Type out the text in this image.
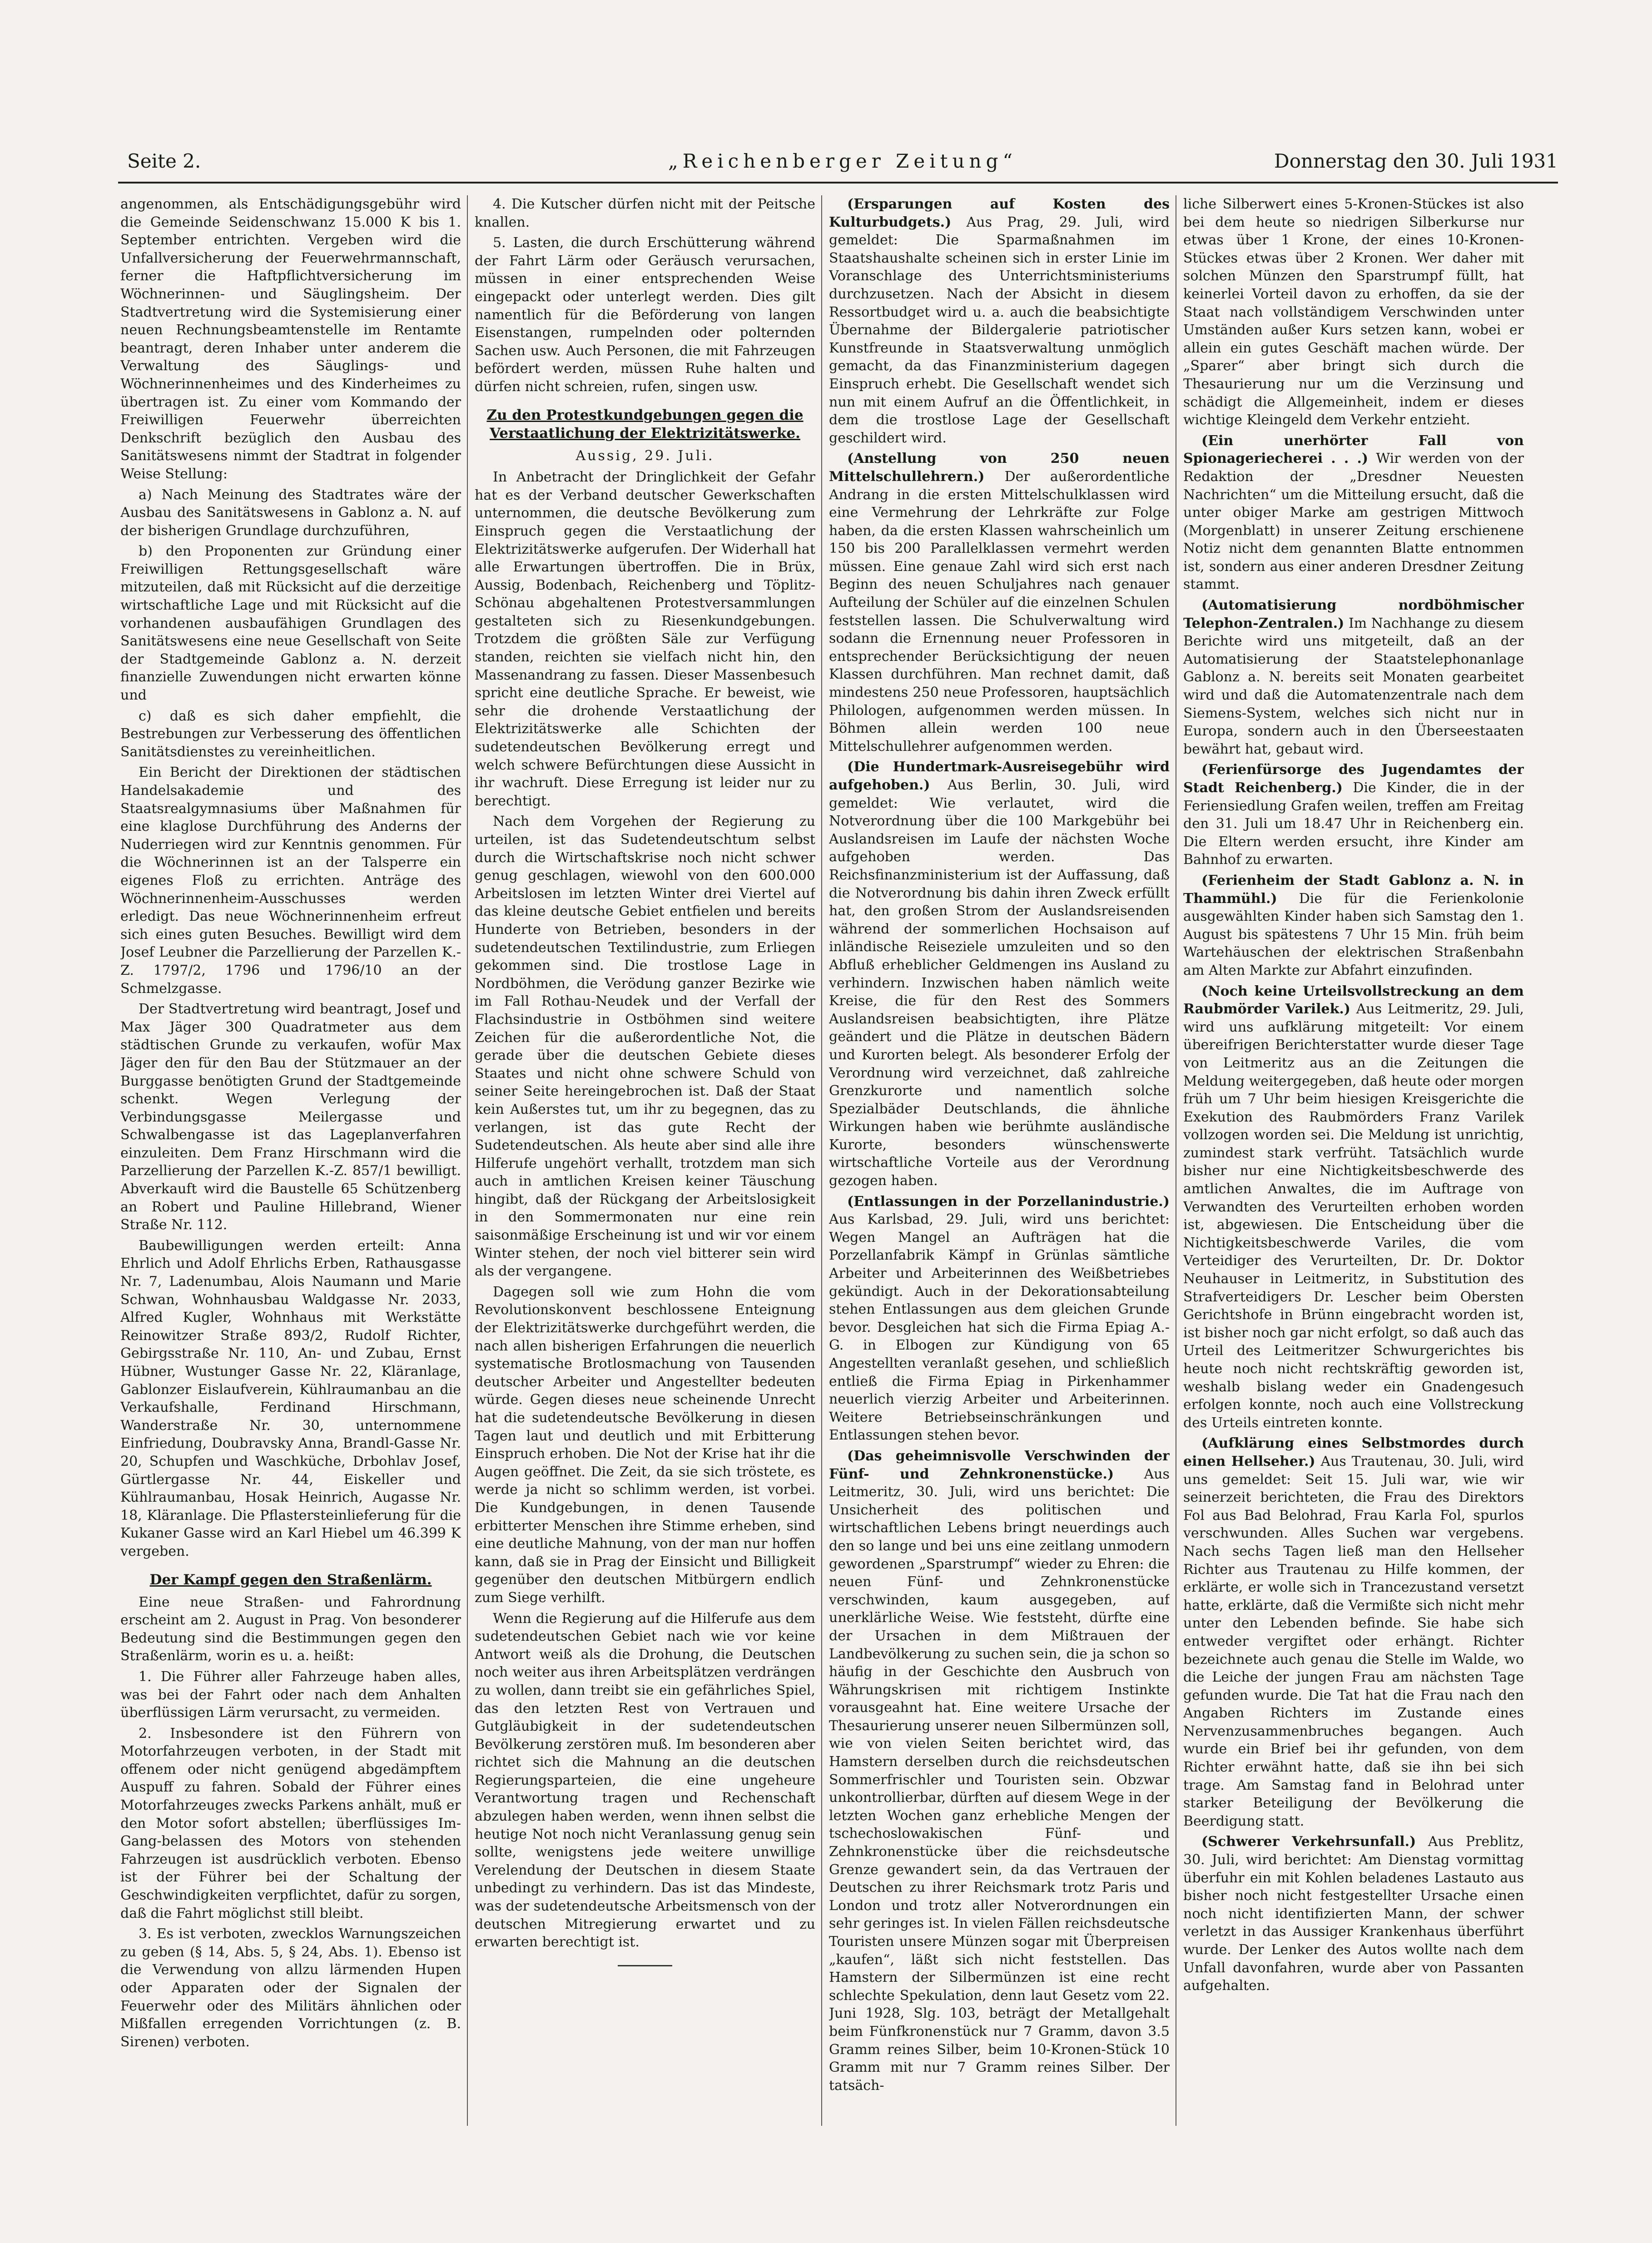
Seite 2.	„Reichenberger Zeitung“	Donnerstag den 30. Juli 1931

angenommen, als Entschädigungsgebühr wird die Gemeinde Seidenschwanz 15.000 K bis 1. September entrichten. Vergeben wird die Unfallversicherung der Feuerwehrmannschaft, ferner die Haftpflichtversicherung im Wöchnerinnen- und Säuglingsheim. Der Stadtvertretung wird die Systemisierung einer neuen Rechnungsbeamtenstelle im Rentamte beantragt, deren Inhaber unter anderem die Verwaltung des Säuglings- und Wöchnerinnenheimes und des Kinderheimes zu übertragen ist. Zu einer vom Kommando der Freiwilligen Feuerwehr überreichten Denkschrift bezüglich den Ausbau des Sanitätswesens nimmt der Stadtrat in folgender Weise Stellung:

a) Nach Meinung des Stadtrates wäre der Ausbau des Sanitätswesens in Gablonz a. N. auf der bisherigen Grundlage durchzuführen,

b) den Proponenten zur Gründung einer Freiwilligen Rettungsgesellschaft wäre mitzuteilen, daß mit Rücksicht auf die derzeitige wirtschaftliche Lage und mit Rücksicht auf die vorhandenen ausbaufähigen Grundlagen des Sanitätswesens eine neue Gesellschaft von Seite der Stadtgemeinde Gablonz a. N. derzeit finanzielle Zuwendungen nicht erwarten könne und

c) daß es sich daher empfiehlt, die Bestrebungen zur Verbesserung des öffentlichen Sanitätsdienstes zu vereinheitlichen.

Ein Bericht der Direktionen der städtischen Handelsakademie und des Staatsrealgymnasiums über Maßnahmen für eine klaglose Durchführung des Anderns der Nuderriegen wird zur Kenntnis genommen. Für die Wöchnerinnen ist an der Talsperre ein eigenes Floß zu errichten. Anträge des Wöchnerinnenheim-Ausschusses werden erledigt. Das neue Wöchnerinnenheim erfreut sich eines guten Besuches. Bewilligt wird dem Josef Leubner die Parzellierung der Parzellen K.-Z. 1797/2, 1796 und 1796/10 an der Schmelzgasse.

Der Stadtvertretung wird beantragt, Josef und Max Jäger 300 Quadratmeter aus dem städtischen Grunde zu verkaufen, wofür Max Jäger den für den Bau der Stützmauer an der Burggasse benötigten Grund der Stadtgemeinde schenkt. Wegen Verlegung der Verbindungsgasse Meilergasse und Schwalbengasse ist das Lageplanverfahren einzuleiten. Dem Franz Hirschmann wird die Parzellierung der Parzellen K.-Z. 857/1 bewilligt. Abverkauft wird die Baustelle 65 Schützenberg an Robert und Pauline Hillebrand, Wiener Straße Nr. 112.

Baubewilligungen werden erteilt: Anna Ehrlich und Adolf Ehrlichs Erben, Rathausgasse Nr. 7, Ladenumbau, Alois Naumann und Marie Schwan, Wohnhausbau Waldgasse Nr. 2033, Alfred Kugler, Wohnhaus mit Werkstätte Reinowitzer Straße 893/2, Rudolf Richter, Gebirgsstraße Nr. 110, An- und Zubau, Ernst Hübner, Wustunger Gasse Nr. 22, Kläranlage, Gablonzer Eislaufverein, Kühlraumanbau an die Verkaufshalle, Ferdinand Hirschmann, Wanderstraße Nr. 30, unternommene Einfriedung, Doubravsky Anna, Brandl-Gasse Nr. 20, Schupfen und Waschküche, Drbohlav Josef, Gürtlergasse Nr. 44, Eiskeller und Kühlraumanbau, Hosak Heinrich, Augasse Nr. 18, Kläranlage. Die Pflastersteinlieferung für die Kukaner Gasse wird an Karl Hiebel um 46.399 K vergeben.

Der Kampf gegen den Straßenlärm.

Eine neue Straßen- und Fahrordnung erscheint am 2. August in Prag. Von besonderer Bedeutung sind die Bestimmungen gegen den Straßenlärm, worin es u. a. heißt:

1. Die Führer aller Fahrzeuge haben alles, was bei der Fahrt oder nach dem Anhalten überflüssigen Lärm verursacht, zu vermeiden.

2. Insbesondere ist den Führern von Motorfahrzeugen verboten, in der Stadt mit offenem oder nicht genügend abgedämpftem Auspuff zu fahren. Sobald der Führer eines Motorfahrzeuges zwecks Parkens anhält, muß er den Motor sofort abstellen; überflüssiges Im-Gang-belassen des Motors von stehenden Fahrzeugen ist ausdrücklich verboten. Ebenso ist der Führer bei der Schaltung der Geschwindigkeiten verpflichtet, dafür zu sorgen, daß die Fahrt möglichst still bleibt.

3. Es ist verboten, zwecklos Warnungszeichen zu geben (§ 14, Abs. 5, § 24, Abs. 1). Ebenso ist die Verwendung von allzu lärmenden Hupen oder Apparaten oder der Signalen der Feuerwehr oder des Militärs ähnlichen oder Mißfallen erregenden Vorrichtungen (z. B. Sirenen) verboten.

4. Die Kutscher dürfen nicht mit der Peitsche knallen.

5. Lasten, die durch Erschütterung während der Fahrt Lärm oder Geräusch verursachen, müssen in einer entsprechenden Weise eingepackt oder unterlegt werden. Dies gilt namentlich für die Beförderung von langen Eisenstangen, rumpelnden oder polternden Sachen usw. Auch Personen, die mit Fahrzeugen befördert werden, müssen Ruhe halten und dürfen nicht schreien, rufen, singen usw.

Zu den Protestkundgebungen gegen die Verstaatlichung der Elektrizitätswerke.
Aussig, 29. Juli.

In Anbetracht der Dringlichkeit der Gefahr hat es der Verband deutscher Gewerkschaften unternommen, die deutsche Bevölkerung zum Einspruch gegen die Verstaatlichung der Elektrizitätswerke aufgerufen. Der Widerhall hat alle Erwartungen übertroffen. Die in Brüx, Aussig, Bodenbach, Reichenberg und Töplitz-Schönau abgehaltenen Protestversammlungen gestalteten sich zu Riesenkundgebungen. Trotzdem die größten Säle zur Verfügung standen, reichten sie vielfach nicht hin, den Massenandrang zu fassen. Dieser Massenbesuch spricht eine deutliche Sprache. Er beweist, wie sehr die drohende Verstaatlichung der Elektrizitätswerke alle Schichten der sudetendeutschen Bevölkerung erregt und welch schwere Befürchtungen diese Aussicht in ihr wachruft. Diese Erregung ist leider nur zu berechtigt.

Nach dem Vorgehen der Regierung zu urteilen, ist das Sudetendeutschtum selbst durch die Wirtschaftskrise noch nicht schwer genug geschlagen, wiewohl von den 600.000 Arbeitslosen im letzten Winter drei Viertel auf das kleine deutsche Gebiet entfielen und bereits Hunderte von Betrieben, besonders in der sudetendeutschen Textilindustrie, zum Erliegen gekommen sind. Die trostlose Lage in Nordböhmen, die Verödung ganzer Bezirke wie im Fall Rothau-Neudek und der Verfall der Flachsindustrie in Ostböhmen sind weitere Zeichen für die außerordentliche Not, die gerade über die deutschen Gebiete dieses Staates und nicht ohne schwere Schuld von seiner Seite hereingebrochen ist. Daß der Staat kein Außerstes tut, um ihr zu begegnen, das zu verlangen, ist das gute Recht der Sudetendeutschen. Als heute aber sind alle ihre Hilferufe ungehört verhallt, trotzdem man sich auch in amtlichen Kreisen keiner Täuschung hingibt, daß der Rückgang der Arbeitslosigkeit in den Sommermonaten nur eine rein saisonmäßige Erscheinung ist und wir vor einem Winter stehen, der noch viel bitterer sein wird als der vergangene.

Dagegen soll wie zum Hohn die vom Revolutionskonvent beschlossene Enteignung der Elektrizitätswerke durchgeführt werden, die nach allen bisherigen Erfahrungen die neuerlich systematische Brotlosmachung von Tausenden deutscher Arbeiter und Angestellter bedeuten würde. Gegen dieses neue scheinende Unrecht hat die sudetendeutsche Bevölkerung in diesen Tagen laut und deutlich und mit Erbitterung Einspruch erhoben. Die Not der Krise hat ihr die Augen geöffnet. Die Zeit, da sie sich tröstete, es werde ja nicht so schlimm werden, ist vorbei. Die Kundgebungen, in denen Tausende erbitterter Menschen ihre Stimme erheben, sind eine deutliche Mahnung, von der man nur hoffen kann, daß sie in Prag der Einsicht und Billigkeit gegenüber den deutschen Mitbürgern endlich zum Siege verhilft.

Wenn die Regierung auf die Hilferufe aus dem sudetendeutschen Gebiet nach wie vor keine Antwort weiß als die Drohung, die Deutschen noch weiter aus ihren Arbeitsplätzen verdrängen zu wollen, dann treibt sie ein gefährliches Spiel, das den letzten Rest von Vertrauen und Gutgläubigkeit in der sudetendeutschen Bevölkerung zerstören muß. Im besonderen aber richtet sich die Mahnung an die deutschen Regierungsparteien, die eine ungeheure Verantwortung tragen und Rechenschaft abzulegen haben werden, wenn ihnen selbst die heutige Not noch nicht Veranlassung genug sein sollte, wenigstens jede weitere unwillige Verelendung der Deutschen in diesem Staate unbedingt zu verhindern. Das ist das Mindeste, was der sudetendeutsche Arbeitsmensch von der deutschen Mitregierung erwartet und zu erwarten berechtigt ist.

(Ersparungen auf Kosten des Kulturbudgets.) Aus Prag, 29. Juli, wird gemeldet: Die Sparmaßnahmen im Staatshaushalte scheinen sich in erster Linie im Voranschlage des Unterrichtsministeriums durchzusetzen. Nach der Absicht in diesem Ressortbudget wird u. a. auch die beabsichtigte Übernahme der Bildergalerie patriotischer Kunstfreunde in Staatsverwaltung unmöglich gemacht, da das Finanzministerium dagegen Einspruch erhebt. Die Gesellschaft wendet sich nun mit einem Aufruf an die Öffentlichkeit, in dem die trostlose Lage der Gesellschaft geschildert wird.

(Anstellung von 250 neuen Mittelschullehrern.) Der außerordentliche Andrang in die ersten Mittelschulklassen wird eine Vermehrung der Lehrkräfte zur Folge haben, da die ersten Klassen wahrscheinlich um 150 bis 200 Parallelklassen vermehrt werden müssen. Eine genaue Zahl wird sich erst nach Beginn des neuen Schuljahres nach genauer Aufteilung der Schüler auf die einzelnen Schulen feststellen lassen. Die Schulverwaltung wird sodann die Ernennung neuer Professoren in entsprechender Berücksichtigung der neuen Klassen durchführen. Man rechnet damit, daß mindestens 250 neue Professoren, hauptsächlich Philologen, aufgenommen werden müssen. In Böhmen allein werden 100 neue Mittelschullehrer aufgenommen werden.

(Die Hundertmark-Ausreisegebühr wird aufgehoben.) Aus Berlin, 30. Juli, wird gemeldet: Wie verlautet, wird die Notverordnung über die 100 Markgebühr bei Auslandsreisen im Laufe der nächsten Woche aufgehoben werden. Das Reichsfinanzministerium ist der Auffassung, daß die Notverordnung bis dahin ihren Zweck erfüllt hat, den großen Strom der Auslandsreisenden während der sommerlichen Hochsaison auf inländische Reiseziele umzuleiten und so den Abfluß erheblicher Geldmengen ins Ausland zu verhindern. Inzwischen haben nämlich weite Kreise, die für den Rest des Sommers Auslandsreisen beabsichtigten, ihre Plätze geändert und die Plätze in deutschen Bädern und Kurorten belegt. Als besonderer Erfolg der Verordnung wird verzeichnet, daß zahlreiche Grenzkurorte und namentlich solche Spezialbäder Deutschlands, die ähnliche Wirkungen haben wie berühmte ausländische Kurorte, besonders wünschenswerte wirtschaftliche Vorteile aus der Verordnung gezogen haben.

(Entlassungen in der Porzellanindustrie.) Aus Karlsbad, 29. Juli, wird uns berichtet: Wegen Mangel an Aufträgen hat die Porzellanfabrik Kämpf in Grünlas sämtliche Arbeiter und Arbeiterinnen des Weißbetriebes gekündigt. Auch in der Dekorationsabteilung stehen Entlassungen aus dem gleichen Grunde bevor. Desgleichen hat sich die Firma Epiag A.-G. in Elbogen zur Kündigung von 65 Angestellten veranlaßt gesehen, und schließlich entließ die Firma Epiag in Pirkenhammer neuerlich vierzig Arbeiter und Arbeiterinnen. Weitere Betriebseinschränkungen und Entlassungen stehen bevor.

(Das geheimnisvolle Verschwinden der Fünf- und Zehnkronenstücke.) Aus Leitmeritz, 30. Juli, wird uns berichtet: Die Unsicherheit des politischen und wirtschaftlichen Lebens bringt neuerdings auch den so lange und bei uns eine zeitlang unmodern gewordenen „Sparstrumpf“ wieder zu Ehren: die neuen Fünf- und Zehnkronenstücke verschwinden, kaum ausgegeben, auf unerklärliche Weise. Wie feststeht, dürfte eine der Ursachen in dem Mißtrauen der Landbevölkerung zu suchen sein, die ja schon so häufig in der Geschichte den Ausbruch von Währungskrisen mit richtigem Instinkte vorausgeahnt hat. Eine weitere Ursache der Thesaurierung unserer neuen Silbermünzen soll, wie von vielen Seiten berichtet wird, das Hamstern derselben durch die reichsdeutschen Sommerfrischler und Touristen sein. Obzwar unkontrollierbar, dürften auf diesem Wege in der letzten Wochen ganz erhebliche Mengen der tschechoslowakischen Fünf- und Zehnkronenstücke über die reichsdeutsche Grenze gewandert sein, da das Vertrauen der Deutschen zu ihrer Reichsmark trotz Paris und London und trotz aller Notverordnungen ein sehr geringes ist. In vielen Fällen reichsdeutsche Touristen unsere Münzen sogar mit Überpreisen „kaufen“, läßt sich nicht feststellen. Das Hamstern der Silbermünzen ist eine recht schlechte Spekulation, denn laut Gesetz vom 22. Juni 1928, Slg. 103, beträgt der Metallgehalt beim Fünfkronenstück nur 7 Gramm, davon 3.5 Gramm reines Silber, beim 10-Kronen-Stück 10 Gramm mit nur 7 Gramm reines Silber. Der tatsäch-

liche Silberwert eines 5-Kronen-Stückes ist also bei dem heute so niedrigen Silberkurse nur etwas über 1 Krone, der eines 10-Kronen-Stückes etwas über 2 Kronen. Wer daher mit solchen Münzen den Sparstrumpf füllt, hat keinerlei Vorteil davon zu erhoffen, da sie der Staat nach vollständigem Verschwinden unter Umständen außer Kurs setzen kann, wobei er allein ein gutes Geschäft machen würde. Der „Sparer“ aber bringt sich durch die Thesaurierung nur um die Verzinsung und schädigt die Allgemeinheit, indem er dieses wichtige Kleingeld dem Verkehr entzieht.

(Ein unerhörter Fall von Spionageriecherei . . .) Wir werden von der Redaktion der „Dresdner Neuesten Nachrichten“ um die Mitteilung ersucht, daß die unter obiger Marke am gestrigen Mittwoch (Morgenblatt) in unserer Zeitung erschienene Notiz nicht dem genannten Blatte entnommen ist, sondern aus einer anderen Dresdner Zeitung stammt.

(Automatisierung nordböhmischer Telephon-Zentralen.) Im Nachhange zu diesem Berichte wird uns mitgeteilt, daß an der Automatisierung der Staatstelephonanlage Gablonz a. N. bereits seit Monaten gearbeitet wird und daß die Automatenzentrale nach dem Siemens-System, welches sich nicht nur in Europa, sondern auch in den Überseestaaten bewährt hat, gebaut wird.

(Ferienfürsorge des Jugendamtes der Stadt Reichenberg.) Die Kinder, die in der Feriensiedlung Grafen weilen, treffen am Freitag den 31. Juli um 18.47 Uhr in Reichenberg ein. Die Eltern werden ersucht, ihre Kinder am Bahnhof zu erwarten.

(Ferienheim der Stadt Gablonz a. N. in Thammühl.) Die für die Ferienkolonie ausgewählten Kinder haben sich Samstag den 1. August bis spätestens 7 Uhr 15 Min. früh beim Wartehäuschen der elektrischen Straßenbahn am Alten Markte zur Abfahrt einzufinden.

(Noch keine Urteilsvollstreckung an dem Raubmörder Varilek.) Aus Leitmeritz, 29. Juli, wird uns aufklärung mitgeteilt: Vor einem übereifrigen Berichterstatter wurde dieser Tage von Leitmeritz aus an die Zeitungen die Meldung weitergegeben, daß heute oder morgen früh um 7 Uhr beim hiesigen Kreisgerichte die Exekution des Raubmörders Franz Varilek vollzogen worden sei. Die Meldung ist unrichtig, zumindest stark verfrüht. Tatsächlich wurde bisher nur eine Nichtigkeitsbeschwerde des amtlichen Anwaltes, die im Auftrage von Verwandten des Verurteilten erhoben worden ist, abgewiesen. Die Entscheidung über die Nichtigkeitsbeschwerde Variles, die vom Verteidiger des Verurteilten, Dr. Dr. Doktor Neuhauser in Leitmeritz, in Substitution des Strafverteidigers Dr. Lescher beim Obersten Gerichtshofe in Brünn eingebracht worden ist, ist bisher noch gar nicht erfolgt, so daß auch das Urteil des Leitmeritzer Schwurgerichtes bis heute noch nicht rechtskräftig geworden ist, weshalb bislang weder ein Gnadengesuch erfolgen konnte, noch auch eine Vollstreckung des Urteils eintreten konnte.

(Aufklärung eines Selbstmordes durch einen Hellseher.) Aus Trautenau, 30. Juli, wird uns gemeldet: Seit 15. Juli war, wie wir seinerzeit berichteten, die Frau des Direktors Fol aus Bad Belohrad, Frau Karla Fol, spurlos verschwunden. Alles Suchen war vergebens. Nach sechs Tagen ließ man den Hellseher Richter aus Trautenau zu Hilfe kommen, der erklärte, er wolle sich in Trancezustand versetzt hatte, erklärte, daß die Vermißte sich nicht mehr unter den Lebenden befinde. Sie habe sich entweder vergiftet oder erhängt. Richter bezeichnete auch genau die Stelle im Walde, wo die Leiche der jungen Frau am nächsten Tage gefunden wurde. Die Tat hat die Frau nach den Angaben Richters im Zustande eines Nervenzusammenbruches begangen. Auch wurde ein Brief bei ihr gefunden, von dem Richter erwähnt hatte, daß sie ihn bei sich trage. Am Samstag fand in Belohrad unter starker Beteiligung der Bevölkerung die Beerdigung statt.

(Schwerer Verkehrsunfall.) Aus Preblitz, 30. Juli, wird berichtet: Am Dienstag vormittag überfuhr ein mit Kohlen beladenes Lastauto aus bisher noch nicht festgestellter Ursache einen noch nicht identifizierten Mann, der schwer verletzt in das Aussiger Krankenhaus überführt wurde. Der Lenker des Autos wollte nach dem Unfall davonfahren, wurde aber von Passanten aufgehalten.
